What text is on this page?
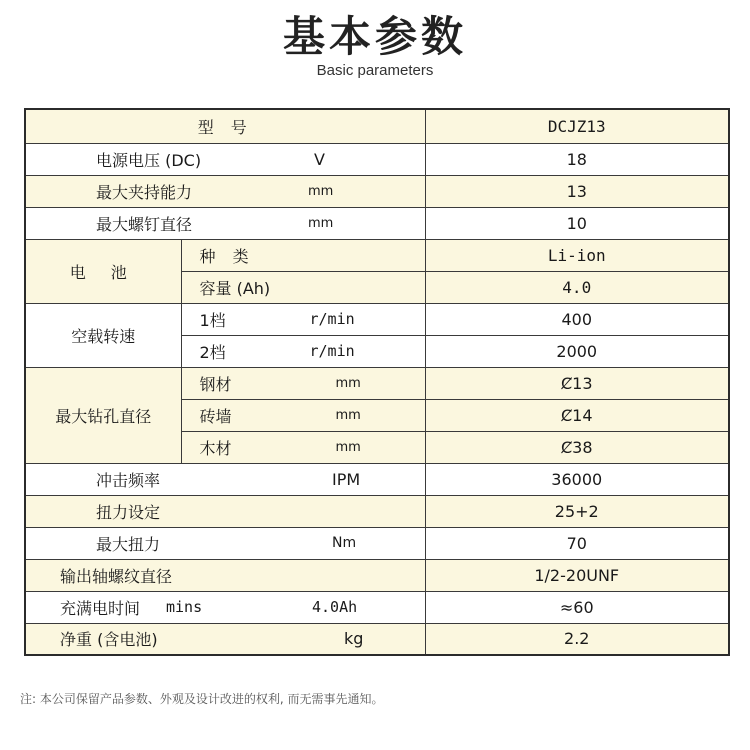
基本参数
Basic parameters
型 号		DCJZ13

电源电压 (DC) V		18

最大夹持能力 mm		13

最大螺钉直径 mm		10
电 池	种 类	Li-ion
	容量 (Ah)	4.0
空载转速	1档 r/min	400

	2档 r/min	2000
最大钻孔直径	钢材 mm	Ȼ13

	砖墙 mm	Ȼ14

	木材 mm	Ȼ38

冲击频率 IPM		36000

扭力设定		25+2

最大扭力 Nm		70

输出轴螺纹直径		1/2-20UNF

充满电时间 mins 4.0Ah		≈60

净重 (含电池) kg		2.2
注: 本公司保留产品参数、外观及设计改进的权利, 而无需事先通知。
